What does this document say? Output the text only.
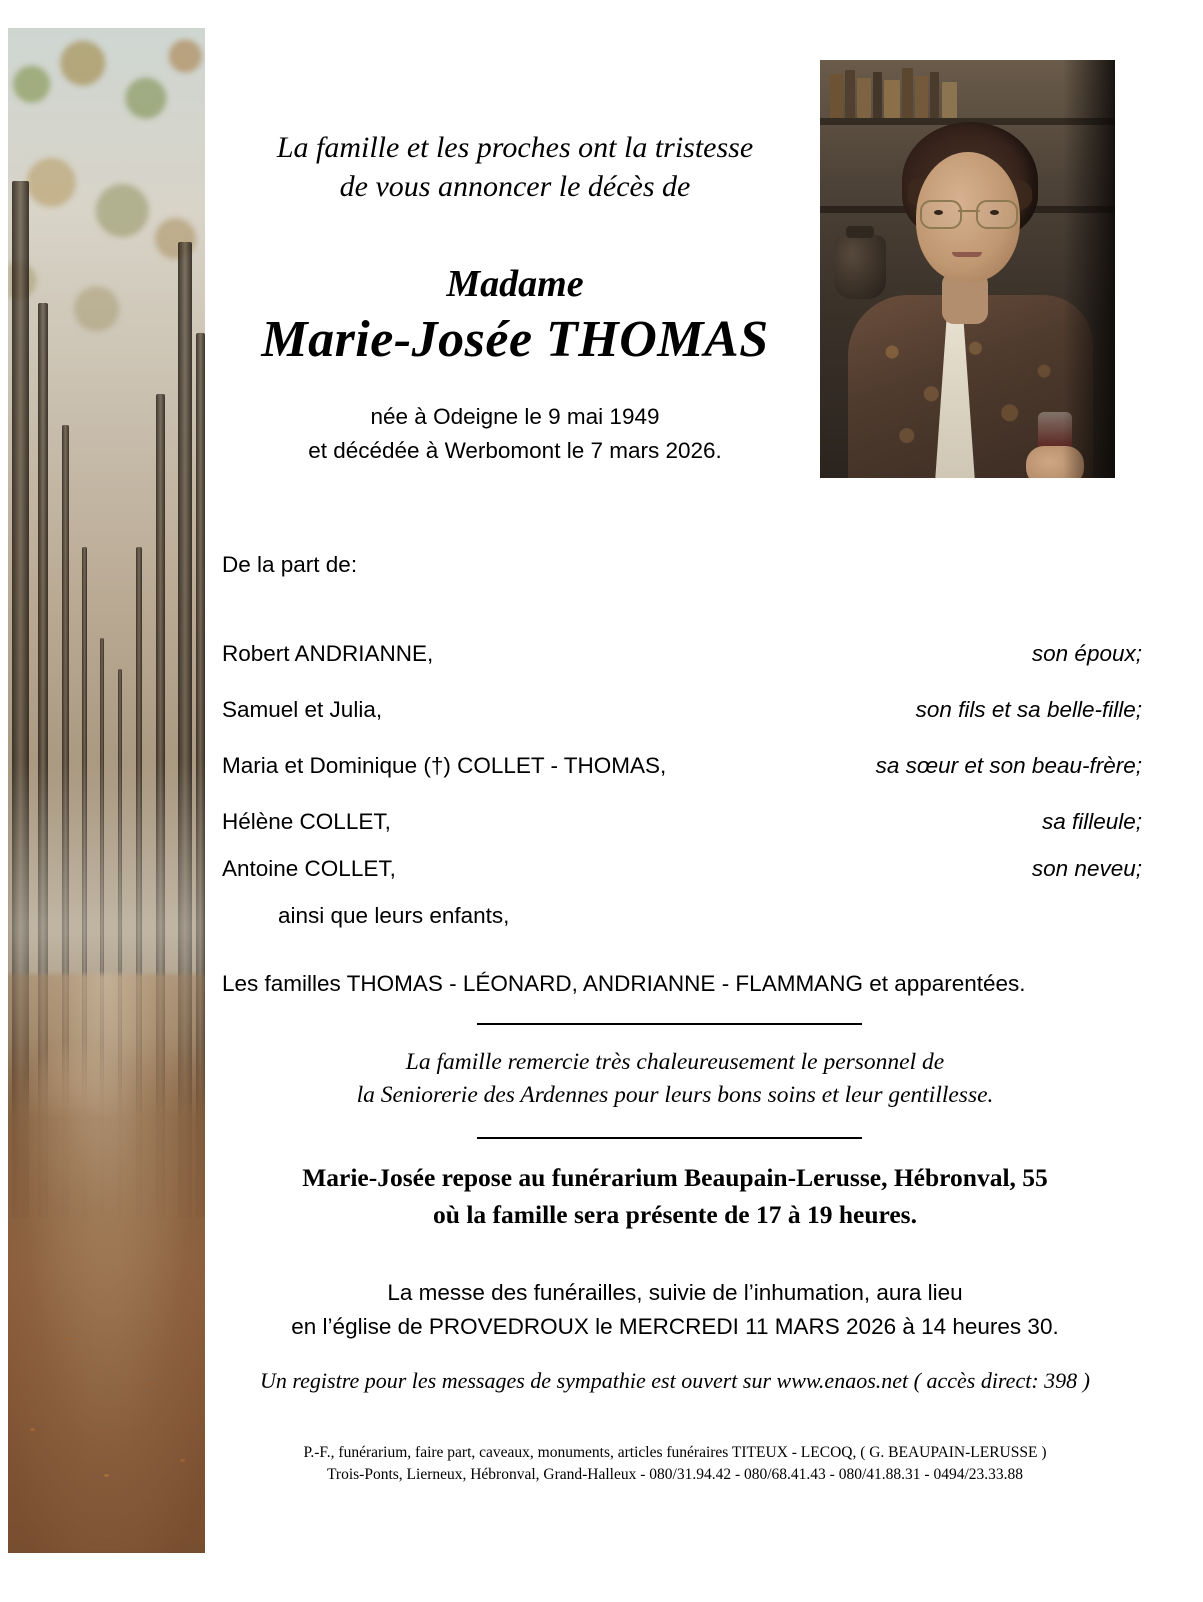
La famille et les proches ont la tristesse
de vous annoncer le décès de
Madame
Marie-Josée THOMAS
née à Odeigne le 9 mai 1949
et décédée à Werbomont le 7 mars 2026.
De la part de:
Robert ANDRIANNE,	son époux;
Samuel et Julia,	son fils et sa belle-fille;
Maria et Dominique (†) COLLET - THOMAS,	sa sœur et son beau-frère;
Hélène COLLET,	sa filleule;
Antoine COLLET,	son neveu;
ainsi que leurs enfants,
Les familles THOMAS - LÉONARD, ANDRIANNE - FLAMMANG et apparentées.
La famille remercie très chaleureusement le personnel de
la Seniorerie des Ardennes pour leurs bons soins et leur gentillesse.
Marie-Josée repose au funérarium Beaupain-Lerusse, Hébronval, 55
où la famille sera présente de 17 à 19 heures.
La messe des funérailles, suivie de l’inhumation, aura lieu
en l’église de PROVEDROUX le MERCREDI 11 MARS 2026 à 14 heures 30.
Un registre pour les messages de sympathie est ouvert sur www.enaos.net ( accès direct: 398 )
P.-F., funérarium, faire part, caveaux, monuments, articles funéraires TITEUX - LECOQ, ( G. BEAUPAIN-LERUSSE )
Trois-Ponts, Lierneux, Hébronval, Grand-Halleux - 080/31.94.42 - 080/68.41.43 - 080/41.88.31 - 0494/23.33.88
